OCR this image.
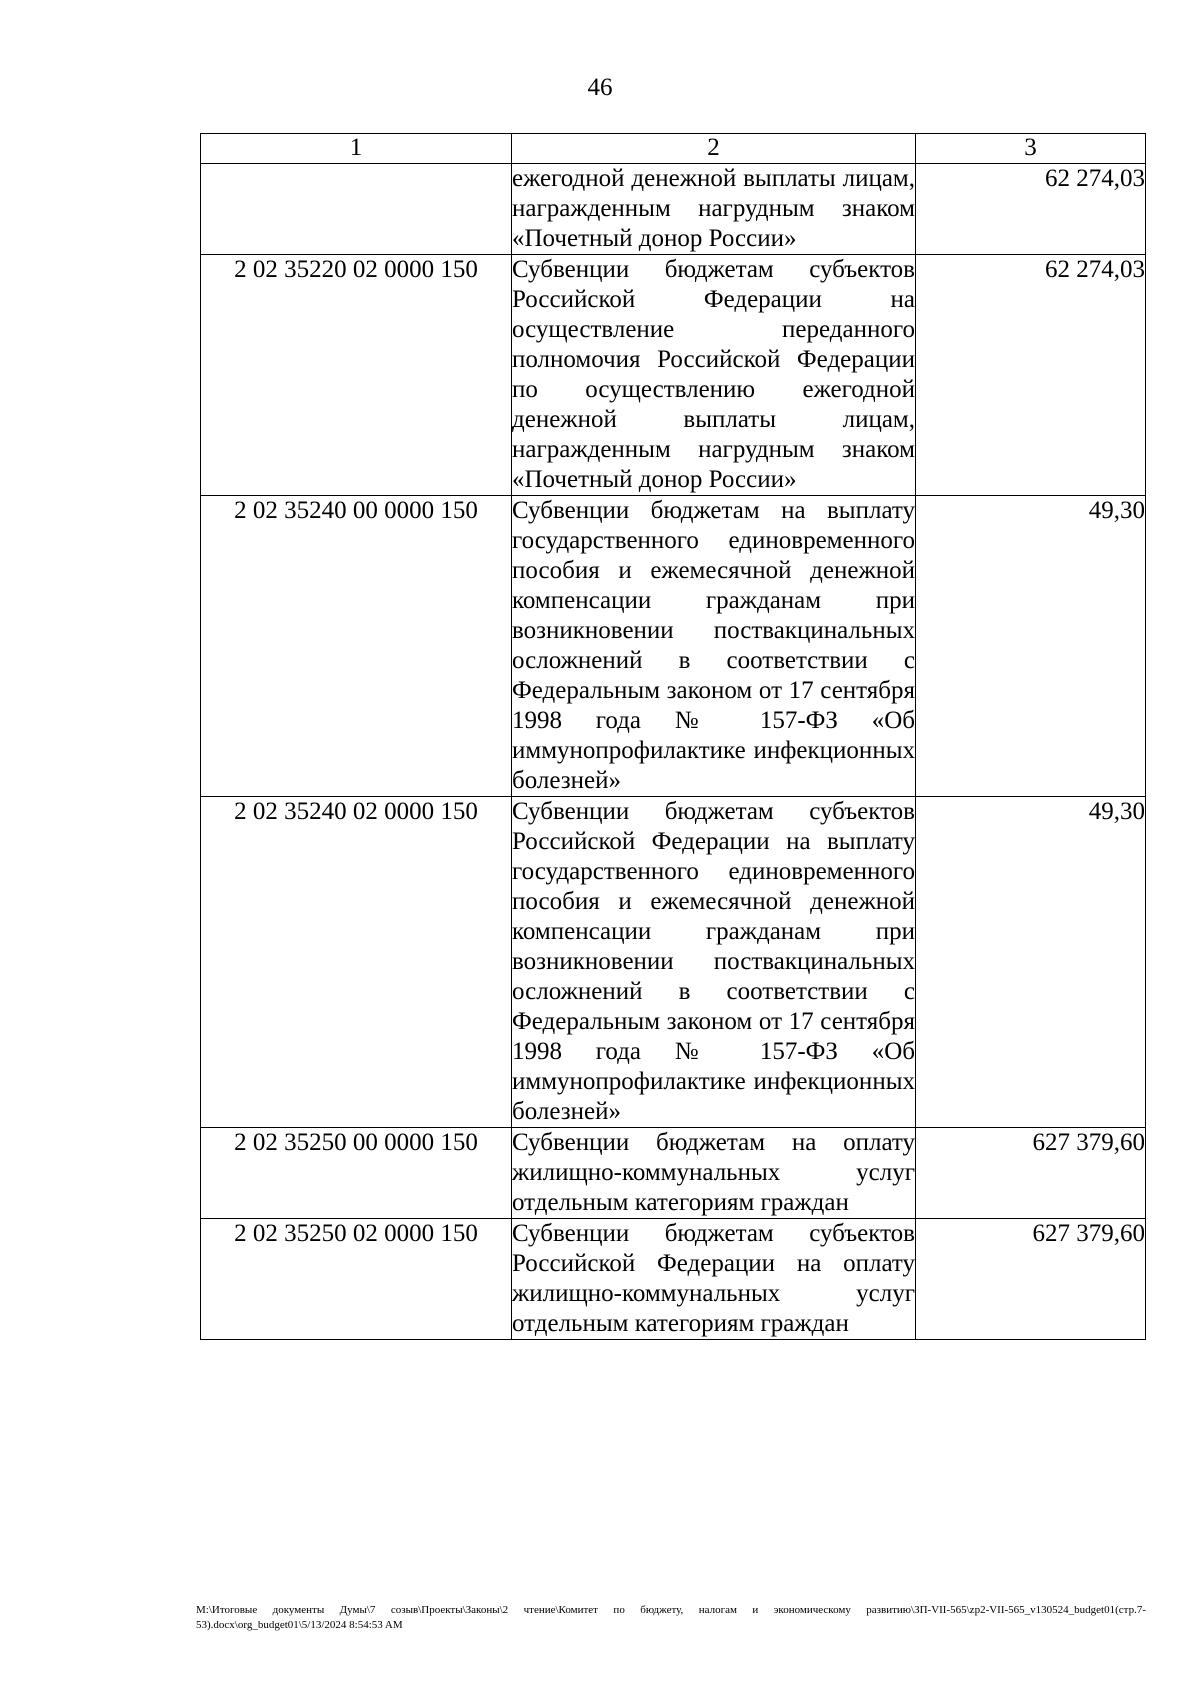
46
1	2	3
	ежегодной денежной выплаты лицам, награжденным нагрудным знаком «Почетный донор России»	62 274,03
2 02 35220 02 0000 150	Субвенции бюджетам субъектов Российской Федерации на осуществление переданного полномочия Российской Федерации по осуществлению ежегодной денежной выплаты лицам, награжденным нагрудным знаком «Почетный донор России»	62 274,03
2 02 35240 00 0000 150	Субвенции бюджетам на выплату государственного единовременного пособия и ежемесячной денежной компенсации гражданам при возникновении поствакцинальных осложнений в соответствии с Федеральным законом от 17 сентября 1998 года № 157-ФЗ «Об иммунопрофилактике инфекционных болезней»	49,30
2 02 35240 02 0000 150	Субвенции бюджетам субъектов Российской Федерации на выплату государственного единовременного пособия и ежемесячной денежной компенсации гражданам при возникновении поствакцинальных осложнений в соответствии с Федеральным законом от 17 сентября 1998 года № 157-ФЗ «Об иммунопрофилактике инфекционных болезней»	49,30
2 02 35250 00 0000 150	Субвенции бюджетам на оплату жилищно-коммунальных услуг отдельным категориям граждан	627 379,60
2 02 35250 02 0000 150	Субвенции бюджетам субъектов Российской Федерации на оплату жилищно-коммунальных услуг отдельным категориям граждан	627 379,60
M:\Итоговые документы Думы\7 созыв\Проекты\Законы\2 чтение\Комитет по бюджету, налогам и экономическому развитию\ЗП-VII-565\zp2-VII-565_v130524_budget01(стр.7-53).docx\org_budget01\5/13/2024 8:54:53 AM
